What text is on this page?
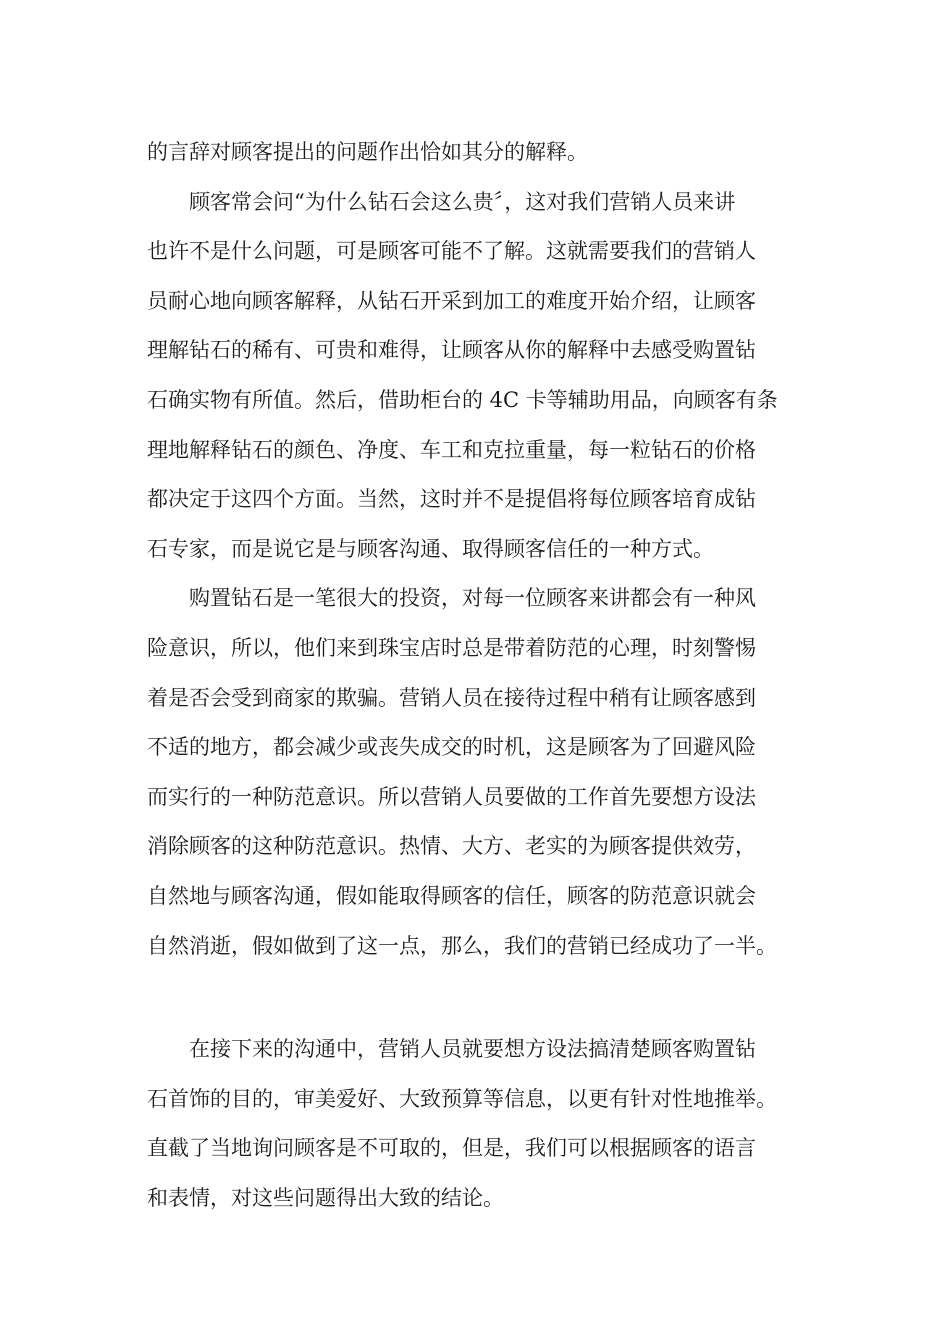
的言辞对顾客提出的问题作出恰如其分的解释。
顾客常会问“为什么钻石会这么贵〞，这对我们营销人员来讲
也许不是什么问题，可是顾客可能不了解。这就需要我们的营销人
员耐心地向顾客解释，从钻石开采到加工的难度开始介绍，让顾客
理解钻石的稀有、可贵和难得，让顾客从你的解释中去感受购置钻
石确实物有所值。然后，借助柜台的 4C 卡等辅助用品，向顾客有条
理地解释钻石的颜色、净度、车工和克拉重量，每一粒钻石的价格
都决定于这四个方面。当然，这时并不是提倡将每位顾客培育成钻
石专家，而是说它是与顾客沟通、取得顾客信任的一种方式。
购置钻石是一笔很大的投资，对每一位顾客来讲都会有一种风
险意识，所以，他们来到珠宝店时总是带着防范的心理，时刻警惕
着是否会受到商家的欺骗。营销人员在接待过程中稍有让顾客感到
不适的地方，都会减少或丧失成交的时机，这是顾客为了回避风险
而实行的一种防范意识。所以营销人员要做的工作首先要想方设法
消除顾客的这种防范意识。热情、大方、老实的为顾客提供效劳，
自然地与顾客沟通，假如能取得顾客的信任，顾客的防范意识就会
自然消逝，假如做到了这一点，那么，我们的营销已经成功了一半。
在接下来的沟通中，营销人员就要想方设法搞清楚顾客购置钻
石首饰的目的，审美爱好、大致预算等信息，以更有针对性地推举。
直截了当地询问顾客是不可取的，但是，我们可以根据顾客的语言
和表情，对这些问题得出大致的结论。
